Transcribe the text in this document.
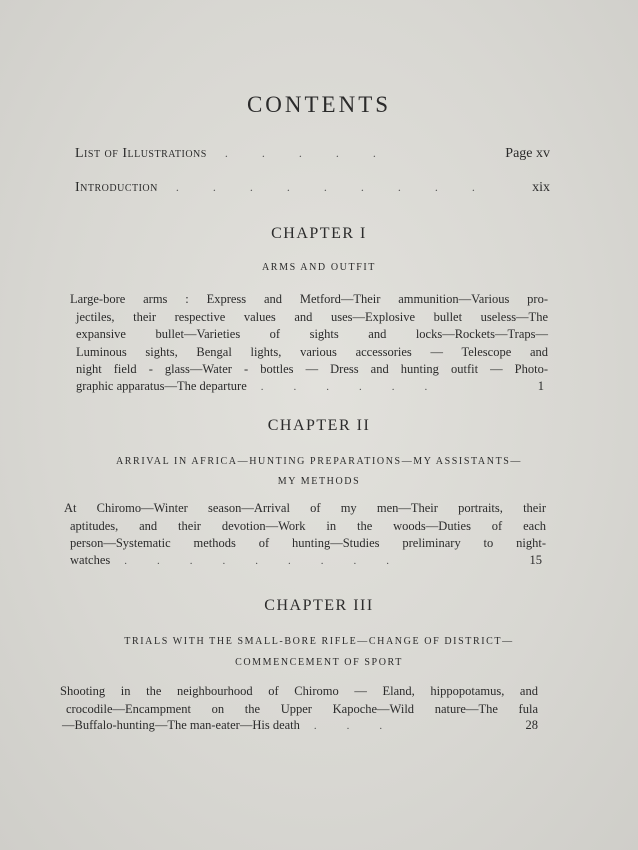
CONTENTS
List of Illustrations	.....	Page xv
Introduction	.........	xix
CHAPTER I
ARMS AND OUTFIT
Large-bore arms : Express and Metford—Their ammunition—Various pro-
jectiles, their respective values and uses—Explosive bullet useless—The
expansive bullet—Varieties of sights and locks—Rockets—Traps—
Luminous sights, Bengal lights, various accessories — Telescope and
night field - glass—Water - bottles — Dress and hunting outfit — Photo-
graphic apparatus—The departure	......	1
CHAPTER II
ARRIVAL IN AFRICA—HUNTING PREPARATIONS—MY ASSISTANTS—
MY METHODS
At Chiromo—Winter season—Arrival of my men—Their portraits, their
aptitudes, and their devotion—Work in the woods—Duties of each
person—Systematic methods of hunting—Studies preliminary to night-
watches	.........	15
CHAPTER III
TRIALS WITH THE SMALL-BORE RIFLE—CHANGE OF DISTRICT—
COMMENCEMENT OF SPORT
Shooting in the neighbourhood of Chiromo — Eland, hippopotamus, and
crocodile—Encampment on the Upper Kapoche—Wild nature—The fula
—Buffalo-hunting—The man-eater—His death	...	28
